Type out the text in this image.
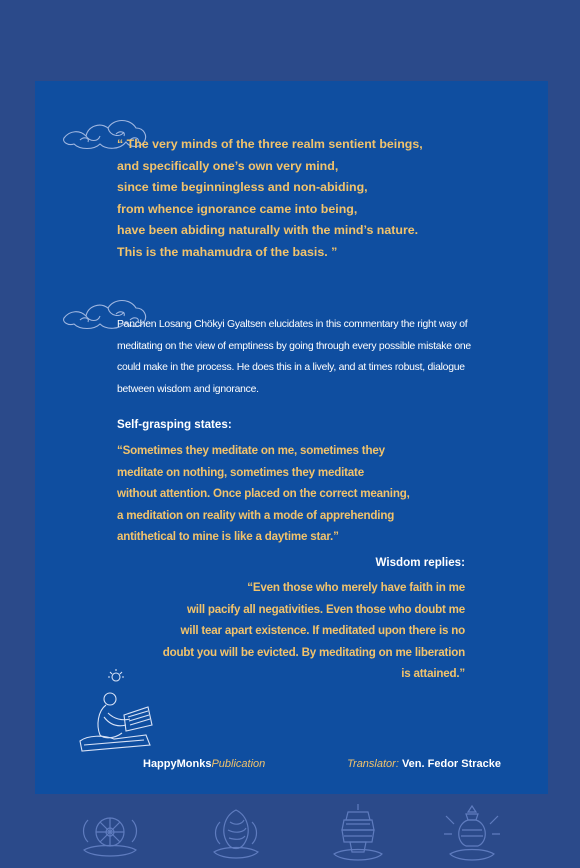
“ The very minds of the three realm sentient beings,
and specifically one’s own very mind,
since time beginningless and non-abiding,
from whence ignorance came into being,
have been abiding naturally with the mind’s nature.
This is the mahamudra of the basis. ”
Panchen Losang Chökyi Gyaltsen elucidates in this commentary the right way of
meditating on the view of emptiness by going through every possible mistake one
could make in the process. He does this in a lively, and at times robust, dialogue
between wisdom and ignorance.
Self-grasping states:
“Sometimes they meditate on me, sometimes they
meditate on nothing, sometimes they meditate
without attention. Once placed on the correct meaning,
a meditation on reality with a mode of apprehending
antithetical to mine is like a daytime star.”
Wisdom replies:
“Even those who merely have faith in me
will pacify all negativities. Even those who doubt me
will tear apart existence. If meditated upon there is no
doubt you will be evicted. By meditating on me liberation
is attained.”
HappyMonksPublication	Translator: Ven. Fedor Stracke
